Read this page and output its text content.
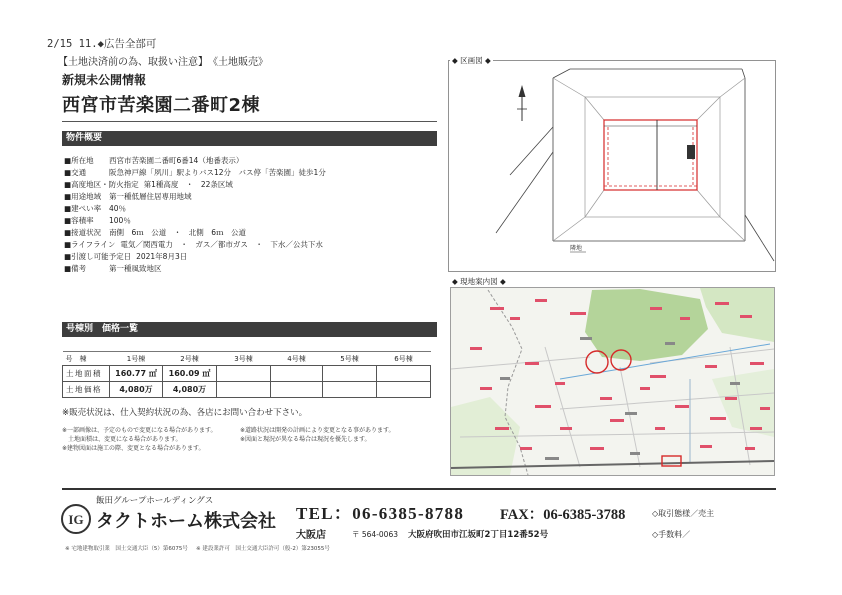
2/15 11.◆広告全部可
【土地決済前の為、取扱い注意】　《土地販売》
新規未公開情報
西宮市苦楽園二番町2棟
物件概要
■所在地 西宮市苦楽園二番町6番14（地番表示）
■交通	阪急神戸線「夙川」駅よりバス12分　バス停「苦楽園」徒歩1分
■高度地区・防火指定 第1種高度　・　22条区域
■用途地域 第一種低層住居専用地域
■建ぺい率 40％
■容積率 100％
■接道状況 南側　6ｍ　公道　・　北側　6ｍ　公道
■ライフライン 電気／関西電力　・　ガス／都市ガス　・　下水／公共下水
■引渡し可能予定日 2021年8月3日
■備考	第一種風致地区
号棟別　価格一覧
号　棟	1号棟	2号棟	3号棟	4号棟	5号棟	6号棟
土地面積	160.77 ㎡	160.09 ㎡				
土地価格	4,080万	4,080万				
※販売状況は、仕入契約状況の為、各店にお問い合わせ下さい。
※一部画像は、予定のもので変更になる場合があります。
　土地面積は、変更になる場合があります。
※建物図面は施工の際、変更となる場合があります。
※道路状況は開発の計画により変更となる事があります。
※図面と現況が異なる場合は現況を優先します。
隣地
◆ 区画図 ◆
◆ 現地案内図 ◆
IG
飯田グループホールディングス
タクトホーム株式会社 TEL：06-6385-8788 FAX：06-6385-3788
大阪店	〒 564-0063 大阪府吹田市江坂町2丁目12番52号
◇取引態様／売主
◇手数料／
※ 宅地建物取引業　国土交通大臣（5）第6075号 ※ 建設業許可　国土交通大臣許可（般-2）第23055号
